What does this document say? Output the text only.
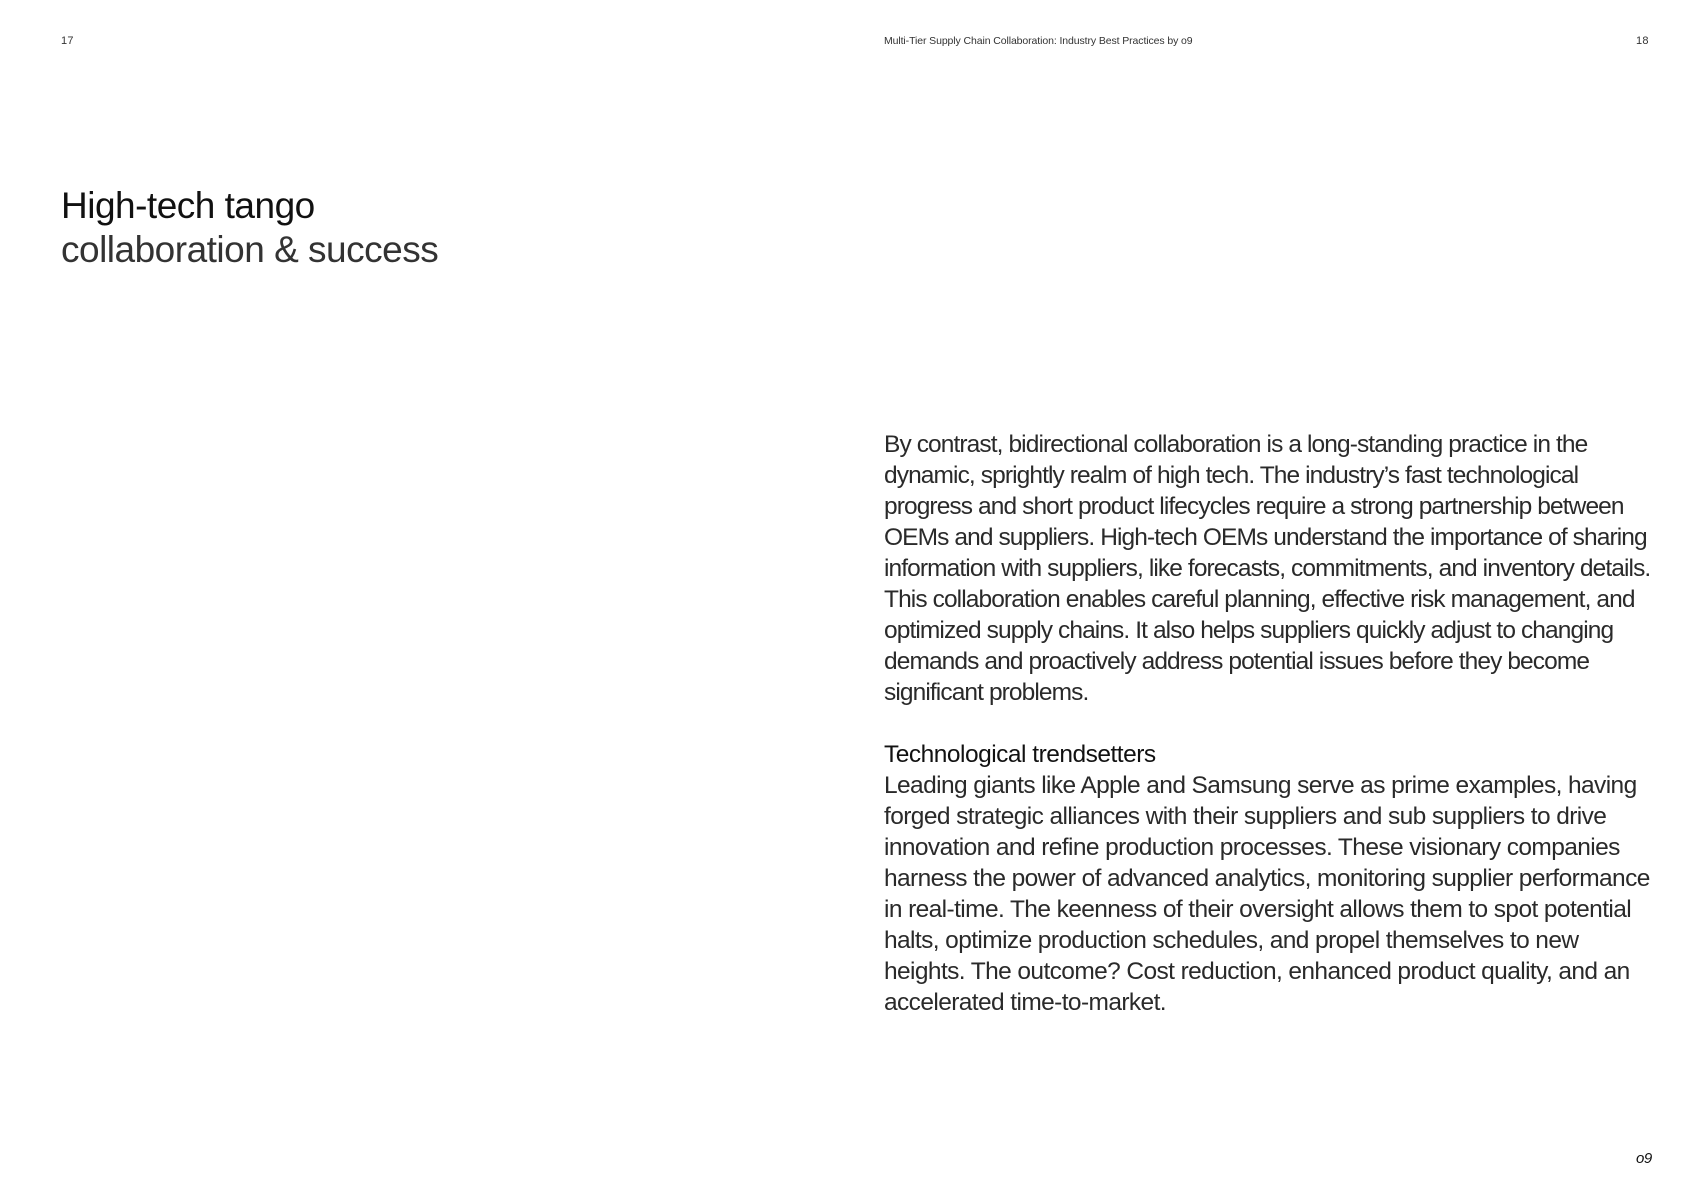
17	Multi-Tier Supply Chain Collaboration: Industry Best Practices by o9	18
High-tech tango
collaboration & success

By contrast, bidirectional collaboration is a long-standing practice in the dynamic, sprightly realm of high tech. The industry’s fast technological progress and short product lifecycles require a strong partnership between OEMs and suppliers. High-tech OEMs understand the importance of sharing information with suppliers, like forecasts, commitments, and inventory details. This collaboration enables careful planning, effective risk management, and optimized supply chains. It also helps suppliers quickly adjust to changing demands and proactively address potential issues before they become significant problems.

Technological trendsetters

Leading giants like Apple and Samsung serve as prime examples, having forged strategic alliances with their suppliers and sub suppliers to drive innovation and refine production processes. These visionary companies harness the power of advanced analytics, monitoring supplier performance in real-time. The keenness of their oversight allows them to spot potential halts, optimize production schedules, and propel themselves to new heights. The outcome? Cost reduction, enhanced product quality, and an accelerated time-to-market.

o9
